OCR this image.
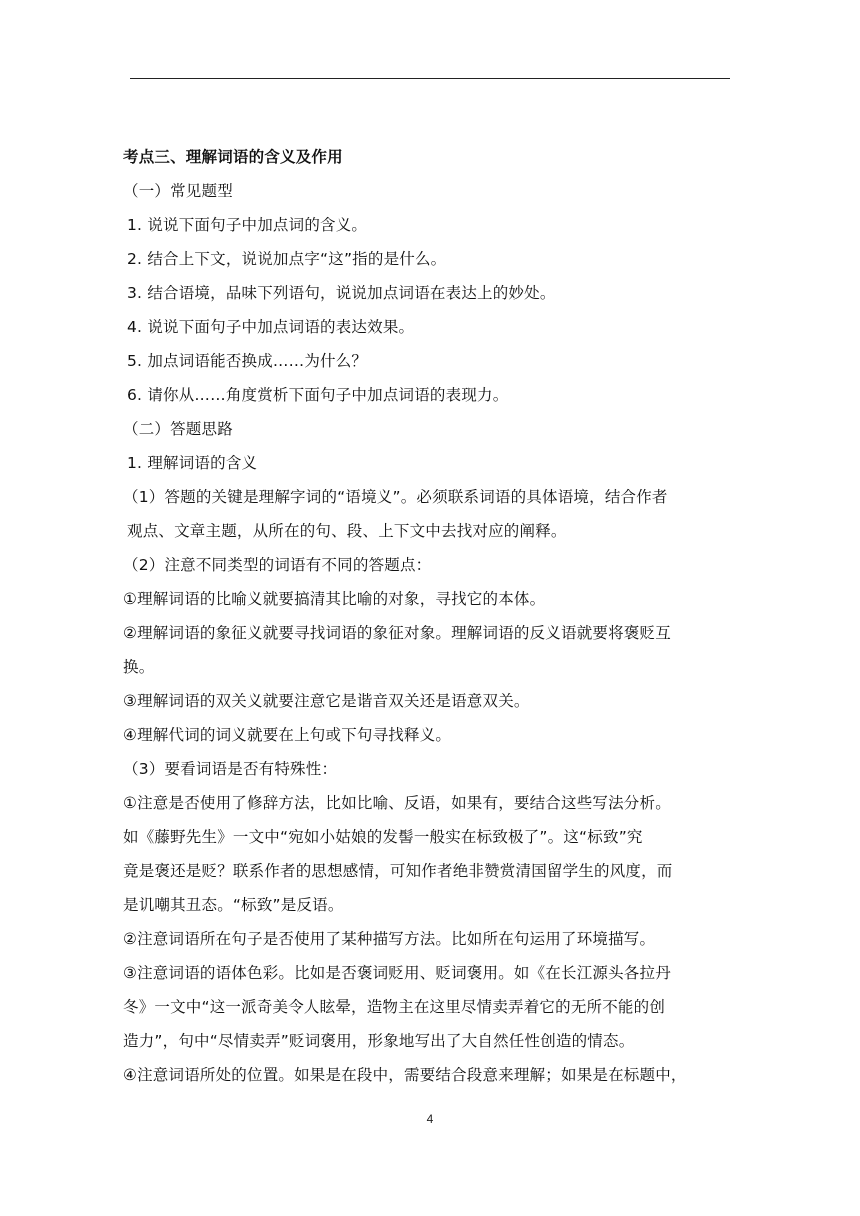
考点三、理解词语的含义及作用
（一）常见题型
1. 说说下面句子中加点词的含义。
2. 结合上下文，说说加点字“这”指的是什么。
3. 结合语境，品味下列语句，说说加点词语在表达上的妙处。
4. 说说下面句子中加点词语的表达效果。
5. 加点词语能否换成……为什么？
6. 请你从……角度赏析下面句子中加点词语的表现力。
（二）答题思路
1. 理解词语的含义
（1）答题的关键是理解字词的“语境义”。必须联系词语的具体语境，结合作者
观点、文章主题，从所在的句、段、上下文中去找对应的阐释。
（2）注意不同类型的词语有不同的答题点：
①理解词语的比喻义就要搞清其比喻的对象，寻找它的本体。
②理解词语的象征义就要寻找词语的象征对象。理解词语的反义语就要将褒贬互
换。
③理解词语的双关义就要注意它是谐音双关还是语意双关。
④理解代词的词义就要在上句或下句寻找释义。
（3）要看词语是否有特殊性：
①注意是否使用了修辞方法，比如比喻、反语，如果有，要结合这些写法分析。
如《藤野先生》一文中“宛如小姑娘的发髻一般实在标致极了”。这“标致”究
竟是褒还是贬？联系作者的思想感情，可知作者绝非赞赏清国留学生的风度，而
是讥嘲其丑态。“标致”是反语。
②注意词语所在句子是否使用了某种描写方法。比如所在句运用了环境描写。
③注意词语的语体色彩。比如是否褒词贬用、贬词褒用。如《在长江源头各拉丹
冬》一文中“这一派奇美令人眩晕，造物主在这里尽情卖弄着它的无所不能的创
造力”，句中“尽情卖弄”贬词褒用，形象地写出了大自然任性创造的情态。
④注意词语所处的位置。如果是在段中，需要结合段意来理解；如果是在标题中，
4
